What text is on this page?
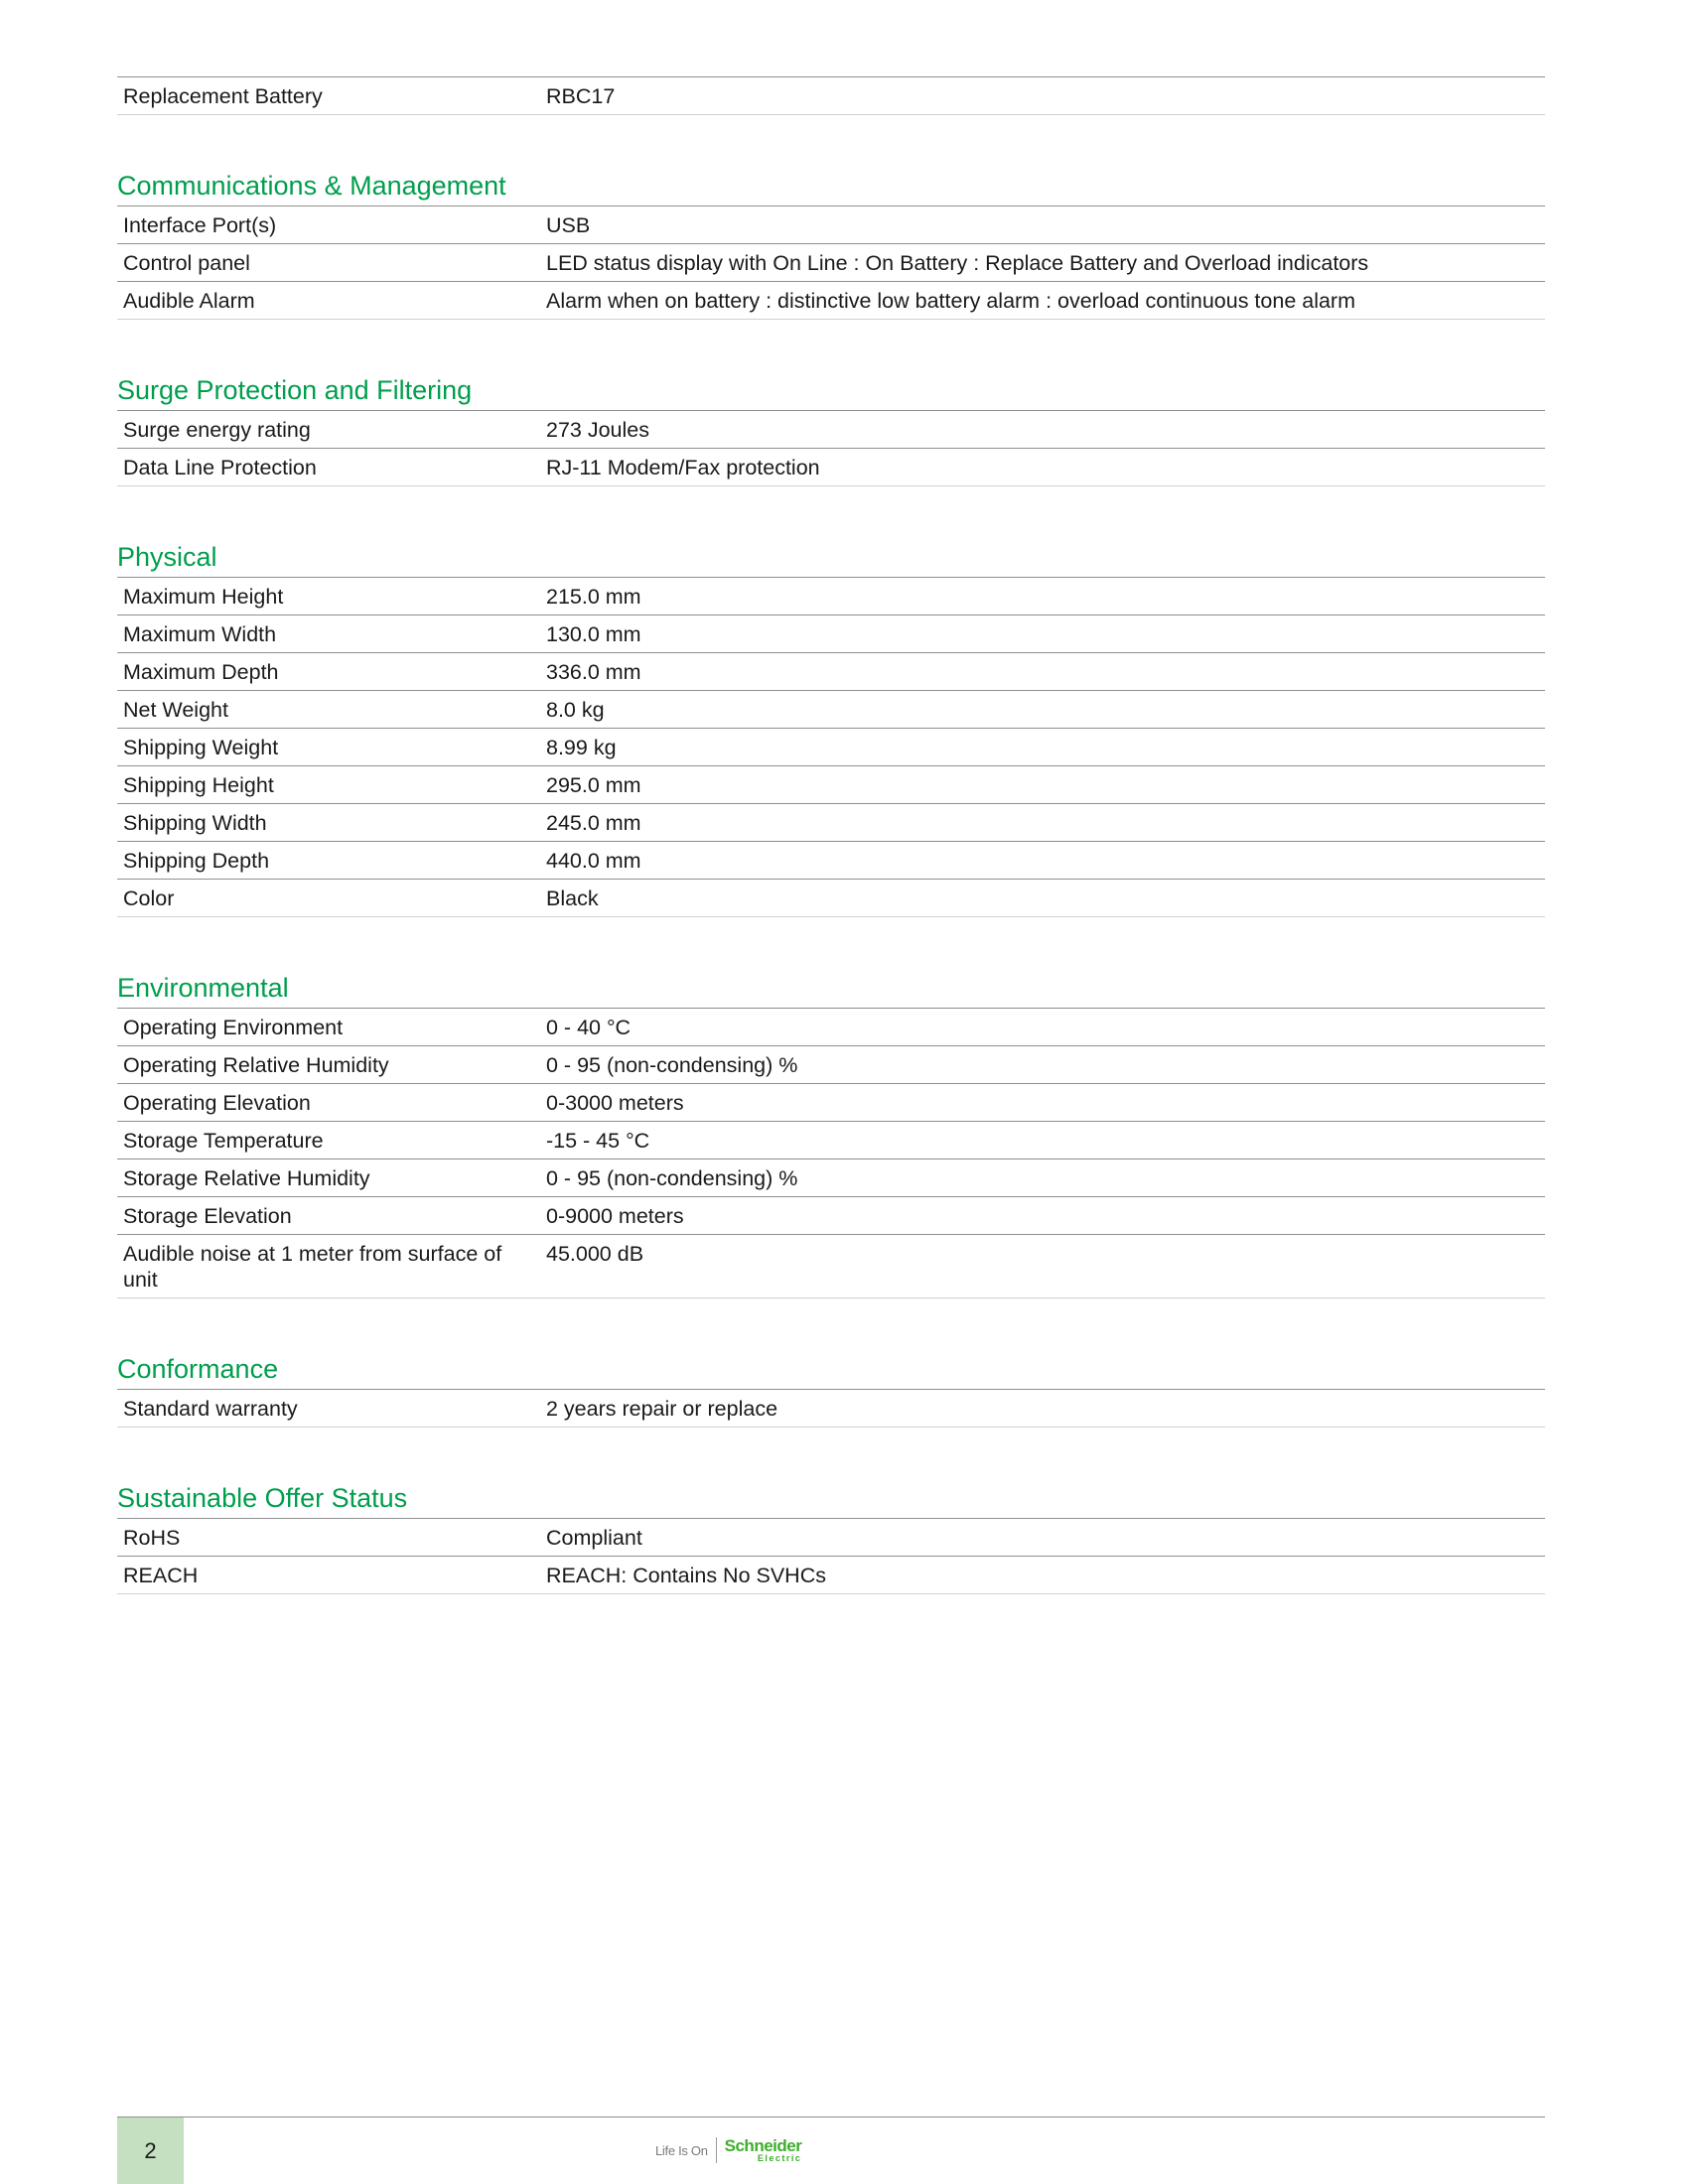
Replacement Battery	RBC17
Communications & Management
Interface Port(s)	USB
Control panel	LED status display with On Line : On Battery : Replace Battery and Overload indicators
Audible Alarm	Alarm when on battery : distinctive low battery alarm : overload continuous tone alarm
Surge Protection and Filtering
Surge energy rating	273 Joules
Data Line Protection	RJ-11 Modem/Fax protection
Physical
Maximum Height	215.0 mm
Maximum Width	130.0 mm
Maximum Depth	336.0 mm
Net Weight	8.0 kg
Shipping Weight	8.99 kg
Shipping Height	295.0 mm
Shipping Width	245.0 mm
Shipping Depth	440.0 mm
Color	Black
Environmental
Operating Environment	0 - 40 °C
Operating Relative Humidity	0 - 95 (non-condensing) %
Operating Elevation	0-3000 meters
Storage Temperature	-15 - 45 °C
Storage Relative Humidity	0 - 95 (non-condensing) %
Storage Elevation	0-9000 meters
Audible noise at 1 meter from surface of unit	45.000 dB
Conformance
Standard warranty	2 years repair or replace
Sustainable Offer Status
RoHS	Compliant
REACH	REACH: Contains No SVHCs
2	Life Is On Schneider
Electric
